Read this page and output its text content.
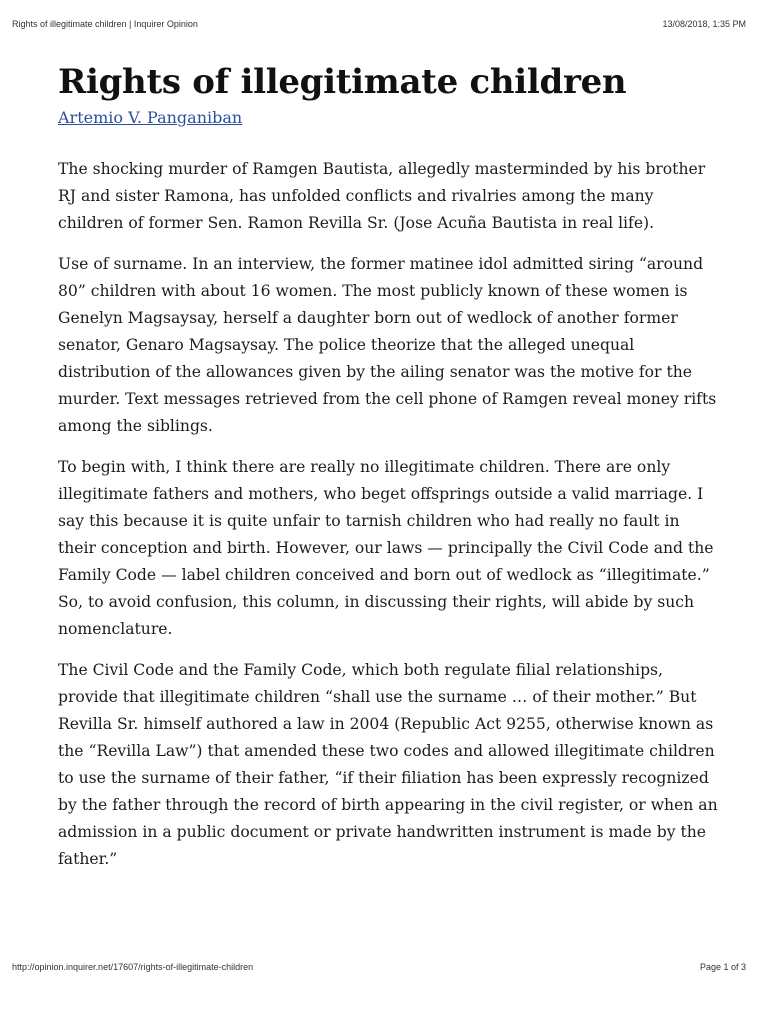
Rights of illegitimate children | Inquirer Opinion	13/08/2018, 1:35 PM
Rights of illegitimate children
Artemio V. Panganiban

The shocking murder of Ramgen Bautista, allegedly masterminded by his brother RJ and sister Ramona, has unfolded conflicts and rivalries among the many children of former Sen. Ramon Revilla Sr. (Jose Acuña Bautista in real life).

Use of surname. In an interview, the former matinee idol admitted siring “around 80” children with about 16 women. The most publicly known of these women is Genelyn Magsaysay, herself a daughter born out of wedlock of another former senator, Genaro Magsaysay. The police theorize that the alleged unequal distribution of the allowances given by the ailing senator was the motive for the murder. Text messages retrieved from the cell phone of Ramgen reveal money rifts among the siblings.

To begin with, I think there are really no illegitimate children. There are only illegitimate fathers and mothers, who beget offsprings outside a valid marriage. I say this because it is quite unfair to tarnish children who had really no fault in their conception and birth. However, our laws — principally the Civil Code and the Family Code — label children conceived and born out of wedlock as “illegitimate.” So, to avoid confusion, this column, in discussing their rights, will abide by such nomenclature.

The Civil Code and the Family Code, which both regulate filial relationships, provide that illegitimate children “shall use the surname … of their mother.” But Revilla Sr. himself authored a law in 2004 (Republic Act 9255, otherwise known as the “Revilla Law”) that amended these two codes and allowed illegitimate children to use the surname of their father, “if their filiation has been expressly recognized by the father through the record of birth appearing in the civil register, or when an admission in a public document or private handwritten instrument is made by the father.”

http://opinion.inquirer.net/17607/rights-of-illegitimate-children	Page 1 of 3
